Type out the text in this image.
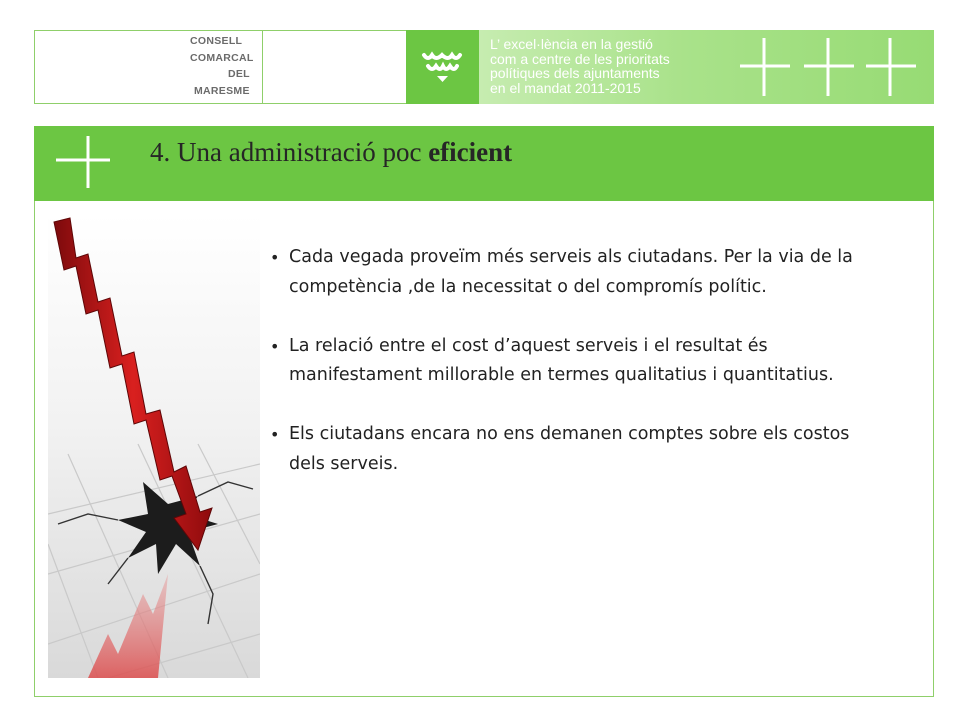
CONSELL
COMARCAL
DEL
MARESME
L’ excel·lència en la gestió
com a centre de les prioritats
polítiques dels ajuntaments
en el mandat 2011-2015
4. Una administració poc eficient
• Cada vegada proveïm més serveis als ciutadans. Per la via de la competència ,de la necessitat o del compromís polític.
• La relació entre el cost d’aquest serveis i el resultat és manifestament millorable en termes qualitatius i quantitatius.
• Els ciutadans encara no ens demanen comptes sobre els costos dels serveis.
